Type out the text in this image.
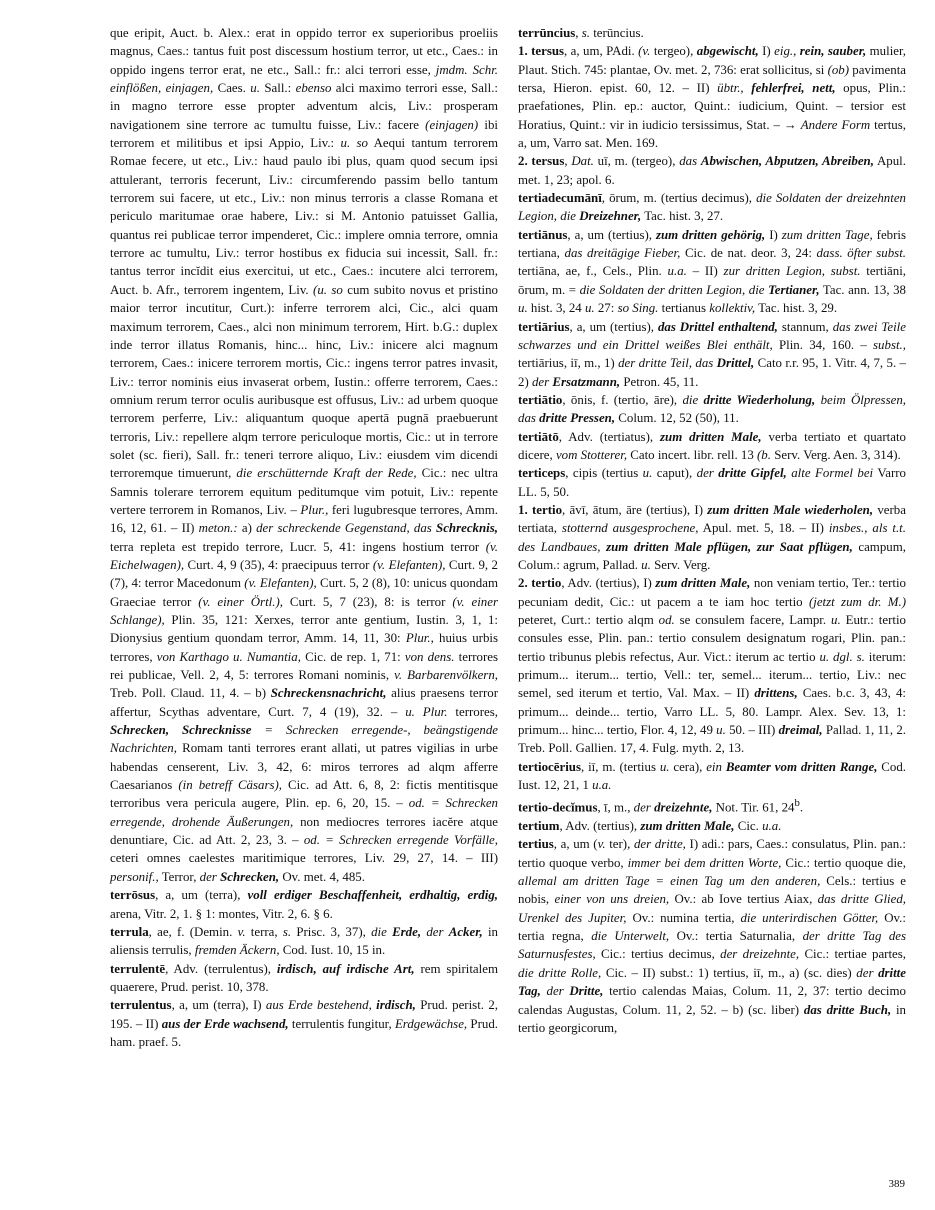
que eripit, Auct. b. Alex.: erat in oppido terror ex superioribus proeliis magnus, Caes.: tantus fuit post discessum hostium terror, ut etc., Caes.: in oppido ingens terror erat, ne etc., Sall.: fr.: alci terrori esse, jmdm. Schr. einflößen, einjagen, Caes. u. Sall.: ebenso alci maximo terrori esse, Sall.: in magno terrore esse propter adventum alcis, Liv.: prosperam navigationem sine terrore ac tumultu fuisse, Liv.: facere (einjagen) ibi terrorem et militibus et ipsi Appio, Liv.: u. so Aequi tantum terrorem Romae fecere, ut etc., Liv.: haud paulo ibi plus, quam quod secum ipsi attulerant, terroris fecerunt, Liv.: circumferendo passim bello tantum terrorem sui facere, ut etc., Liv.: non minus terroris a classe Romana et periculo maritumae orae habere, Liv.: si M. Antonio patuisset Gallia, quantus rei publicae terror impenderet, Cic.: implere omnia terrore, omnia terrore ac tumultu, Liv.: terror hostibus ex fiducia sui incessit, Sall. fr.: tantus terror incĭdit eius exercitui, ut etc., Caes.: incutere alci terrorem, Auct. b. Afr., terrorem ingentem, Liv. (u. so cum subito novus et pristino maior terror incutitur, Curt.): inferre terrorem alci, Cic., alci quam maximum terrorem, Caes., alci non minimum terrorem, Hirt. b.G.: duplex inde terror illatus Romanis, hinc... hinc, Liv.: inicere alci magnum terrorem, Caes.: inicere terrorem mortis, Cic.: ingens terror patres invasit, Liv.: terror nominis eius invaserat orbem, Iustin.: offerre terrorem, Caes.: omnium rerum terror oculis auribusque est offusus, Liv.: ad urbem quoque terrorem perferre, Liv.: aliquantum quoque apertā pugnā praebuerunt terroris, Liv.: repellere alqm terrore periculoque mortis, Cic.: ut in terrore solet (sc. fieri), Sall. fr.: teneri terrore aliquo, Liv.: eiusdem vim dicendi terroremque timuerunt, die erschütternde Kraft der Rede, Cic.: nec ultra Samnis tolerare terrorem equitum peditumque vim potuit, Liv.: repente vertere terrorem in Romanos, Liv. – Plur., feri lugubresque terrores, Amm. 16, 12, 61. – II) meton.: a) der schreckende Gegenstand, das Schrecknis, terra repleta est trepido terrore, Lucr. 5, 41: ingens hostium terror (v. Eichelwagen), Curt. 4, 9 (35), 4: praecipuus terror (v. Elefanten), Curt. 9, 2 (7), 4: terror Macedonum (v. Elefanten), Curt. 5, 2 (8), 10: unicus quondam Graeciae terror (v. einer Örtl.), Curt. 5, 7 (23), 8: is terror (v. einer Schlange), Plin. 35, 121: Xerxes, terror ante gentium, Iustin. 3, 1, 1: Dionysius gentium quondam terror, Amm. 14, 11, 30: Plur., huius urbis terrores, von Karthago u. Numantia, Cic. de rep. 1, 71: von dens. terrores rei publicae, Vell. 2, 4, 5: terrores Romani nominis, v. Barbarenvölkern, Treb. Poll. Claud. 11, 4. – b) Schreckensnachricht, alius praesens terror affertur, Scythas adventare, Curt. 7, 4 (19), 32. – u. Plur. terrores, Schrecken, Schrecknisse = Schrecken erregende-, beängstigende Nachrichten, Romam tanti terrores erant allati, ut patres vigilias in urbe habendas censerent, Liv. 3, 42, 6: miros terrores ad alqm afferre Caesarianos (in betreff Cäsars), Cic. ad Att. 6, 8, 2: fictis mentitisque terroribus vera pericula augere, Plin. ep. 6, 20, 15. – od. = Schrecken erregende, drohende Äußerungen, non mediocres terrores iacĕre atque denuntiare, Cic. ad Att. 2, 23, 3. – od. = Schrecken erregende Vorfälle, ceteri omnes caelestes maritimique terrores, Liv. 29, 27, 14. – III) personif., Terror, der Schrecken, Ov. met. 4, 485.

terrōsus, a, um (terra), voll erdiger Beschaffenheit, erdhaltig, erdig, arena, Vitr. 2, 1. § 1: montes, Vitr. 2, 6. § 6.

terrula, ae, f. (Demin. v. terra, s. Prisc. 3, 37), die Erde, der Acker, in aliensis terrulis, fremden Äckern, Cod. Iust. 10, 15 in.

terrulentē, Adv. (terrulentus), irdisch, auf irdische Art, rem spiritalem quaerere, Prud. perist. 10, 378.

terrulentus, a, um (terra), I) aus Erde bestehend, irdisch, Prud. perist. 2, 195. – II) aus der Erde wachsend, terrulentis fungitur, Erdgewächse, Prud. ham. praef. 5.

terrūncius, s. terūncius.

1. tersus, a, um, PAdi. (v. tergeo), abgewischt, I) eig., rein, sauber, mulier, Plaut. Stich. 745: plantae, Ov. met. 2, 736: erat sollicitus, si (ob) pavimenta tersa, Hieron. epist. 60, 12. – II) übtr., fehlerfrei, nett, opus, Plin.: praefationes, Plin. ep.: auctor, Quint.: iudicium, Quint. – tersior est Horatius, Quint.: vir in iudicio tersissimus, Stat. – → Andere Form tertus, a, um, Varro sat. Men. 169.

2. tersus, Dat. uī, m. (tergeo), das Abwischen, Abputzen, Abreiben, Apul. met. 1, 23; apol. 6.

tertiadecumānī, ōrum, m. (tertius decimus), die Soldaten der dreizehnten Legion, die Dreizehner, Tac. hist. 3, 27.

tertiānus, a, um (tertius), zum dritten gehörig, I) zum dritten Tage, febris tertiana, das dreitägige Fieber, Cic. de nat. deor. 3, 24: dass. öfter subst. tertiāna, ae, f., Cels., Plin. u.a. – II) zur dritten Legion, subst. tertiāni, ōrum, m. = die Soldaten der dritten Legion, die Tertianer, Tac. ann. 13, 38 u. hist. 3, 24 u. 27: so Sing. tertianus kollektiv, Tac. hist. 3, 29.

tertiārius, a, um (tertius), das Drittel enthaltend, stannum, das zwei Teile schwarzes und ein Drittel weißes Blei enthält, Plin. 34, 160. – subst., tertiārius, iī, m., 1) der dritte Teil, das Drittel, Cato r.r. 95, 1. Vitr. 4, 7, 5. – 2) der Ersatzmann, Petron. 45, 11.

tertiātio, ōnis, f. (tertio, āre), die dritte Wiederholung, beim Ölpressen, das dritte Pressen, Colum. 12, 52 (50), 11.

tertiātō, Adv. (tertiatus), zum dritten Male, verba tertiato et quartato dicere, vom Stotterer, Cato incert. libr. rell. 13 (b. Serv. Verg. Aen. 3, 314).

terticeps, cipis (tertius u. caput), der dritte Gipfel, alte Formel bei Varro LL. 5, 50.

1. tertio, āvī, ātum, āre (tertius), I) zum dritten Male wiederholen, verba tertiata, stotternd ausgesprochene, Apul. met. 5, 18. – II) insbes., als t.t. des Landbaues, zum dritten Male pflügen, zur Saat pflügen, campum, Colum.: agrum, Pallad. u. Serv. Verg.

2. tertio, Adv. (tertius), I) zum dritten Male, non veniam tertio, Ter.: tertio pecuniam dedit, Cic.: ut pacem a te iam hoc tertio (jetzt zum dr. M.) peteret, Curt.: tertio alqm od. se consulem facere, Lampr. u. Eutr.: tertio consules esse, Plin. pan.: tertio consulem designatum rogari, Plin. pan.: tertio tribunus plebis refectus, Aur. Vict.: iterum ac tertio u. dgl. s. iterum: primum... iterum... tertio, Vell.: ter, semel... iterum... tertio, Liv.: nec semel, sed iterum et tertio, Val. Max. – II) drittens, Caes. b.c. 3, 43, 4: primum... deinde... tertio, Varro LL. 5, 80. Lampr. Alex. Sev. 13, 1: primum... hinc... tertio, Flor. 4, 12, 49 u. 50. – III) dreimal, Pallad. 1, 11, 2. Treb. Poll. Gallien. 17, 4. Fulg. myth. 2, 13.

tertiocērius, iī, m. (tertius u. cera), ein Beamter vom dritten Range, Cod. Iust. 12, 21, 1 u.a.

tertio-decĭmus, ī, m., der dreizehnte, Not. Tir. 61, 24$^b$.

tertium, Adv. (tertius), zum dritten Male, Cic. u.a.

tertius, a, um (v. ter), der dritte, I) adi.: pars, Caes.: consulatus, Plin. pan.: tertio quoque verbo, immer bei dem dritten Worte, Cic.: tertio quoque die, allemal am dritten Tage = einen Tag um den anderen, Cels.: tertius e nobis, einer von uns dreien, Ov.: ab Iove tertius Aiax, das dritte Glied, Urenkel des Jupiter, Ov.: numina tertia, die unterirdischen Götter, Ov.: tertia regna, die Unterwelt, Ov.: tertia Saturnalia, der dritte Tag des Saturnusfestes, Cic.: tertius decimus, der dreizehnte, Cic.: tertiae partes, die dritte Rolle, Cic. – II) subst.: 1) tertius, iī, m., a) (sc. dies) der dritte Tag, der Dritte, tertio calendas Maias, Colum. 11, 2, 37: tertio decimo calendas Augustas, Colum. 11, 2, 52. – b) (sc. liber) das dritte Buch, in tertio georgicorum,

389
